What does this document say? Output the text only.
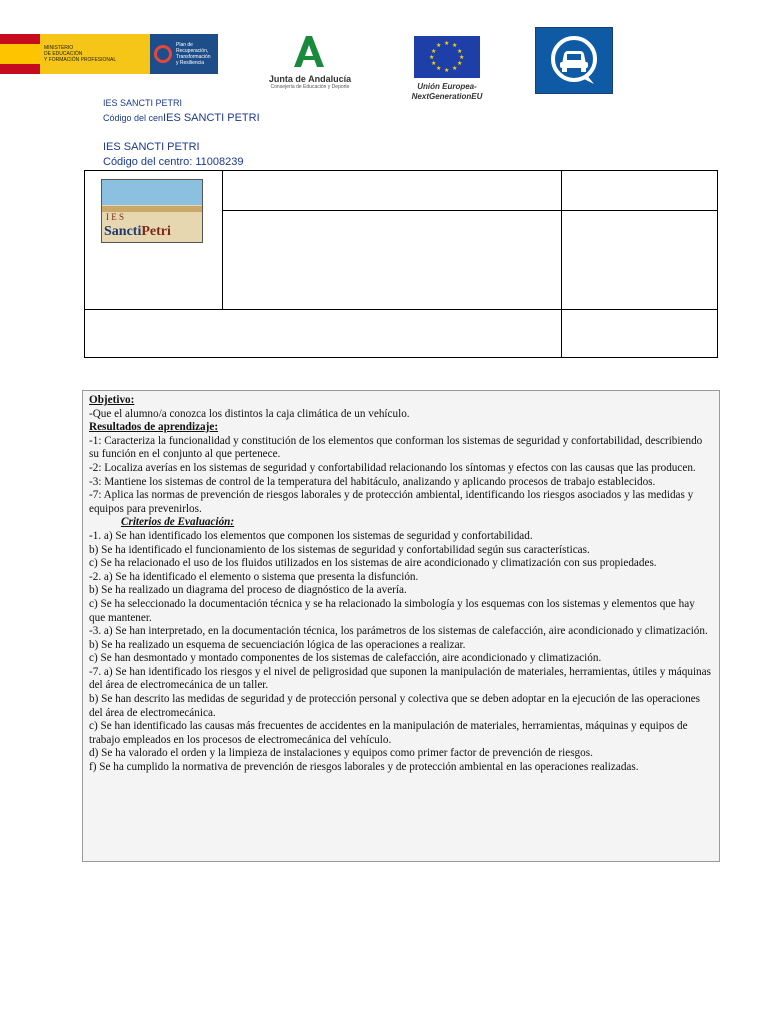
MINISTERIO
DE EDUCACIÓN
Y FORMACIÓN PROFESIONAL
Plan de
Recuperación,
Transformación
y Resiliencia
Junta de Andalucía
Consejería de Educación y Deporte
★ ★
★
★
★
★
★
★
★
★
★
★
Unión Europea-
NextGenerationEU
IES SANCTI PETRI
Código del cenIES SANCTI PETRI
IES SANCTI PETRI
Código del centro: 11008239
I E S
SanctiPetri		

Objetivo:

-Que el alumno/a conozca los distintos la caja climática de un vehículo.

Resultados de aprendizaje:

-1: Caracteriza la funcionalidad y constitución de los elementos que conforman los sistemas de seguridad y confortabilidad, describiendo su función en el conjunto al que pertenece.

-2: Localiza averías en los sistemas de seguridad y confortabilidad relacionando los síntomas y efectos con las causas que las producen.

-3: Mantiene los sistemas de control de la temperatura del habitáculo, analizando y aplicando procesos de trabajo establecidos.

-7: Aplica las normas de prevención de riesgos laborales y de protección ambiental, identificando los riesgos asociados y las medidas y equipos para prevenirlos.

Criterios de Evaluación:

-1. a) Se han identificado los elementos que componen los sistemas de seguridad y confortabilidad.

b) Se ha identificado el funcionamiento de los sistemas de seguridad y confortabilidad según sus características.

c) Se ha relacionado el uso de los fluidos utilizados en los sistemas de aire acondicionado y climatización con sus propiedades.

-2. a) Se ha identificado el elemento o sistema que presenta la disfunción.

b) Se ha realizado un diagrama del proceso de diagnóstico de la avería.

c) Se ha seleccionado la documentación técnica y se ha relacionado la simbología y los esquemas con los sistemas y elementos que hay que mantener.

-3. a) Se han interpretado, en la documentación técnica, los parámetros de los sistemas de calefacción, aire acondicionado y climatización.

b) Se ha realizado un esquema de secuenciación lógica de las operaciones a realizar.

c) Se han desmontado y montado componentes de los sistemas de calefacción, aire acondicionado y climatización.

-7. a) Se han identificado los riesgos y el nivel de peligrosidad que suponen la manipulación de materiales, herramientas, útiles y máquinas del área de electromecánica de un taller.

b) Se han descrito las medidas de seguridad y de protección personal y colectiva que se deben adoptar en la ejecución de las operaciones del área de electromecánica.

c) Se han identificado las causas más frecuentes de accidentes en la manipulación de materiales, herramientas, máquinas y equipos de trabajo empleados en los procesos de electromecánica del vehículo.

d) Se ha valorado el orden y la limpieza de instalaciones y equipos como primer factor de prevención de riesgos.

f) Se ha cumplido la normativa de prevención de riesgos laborales y de protección ambiental en las operaciones realizadas.
